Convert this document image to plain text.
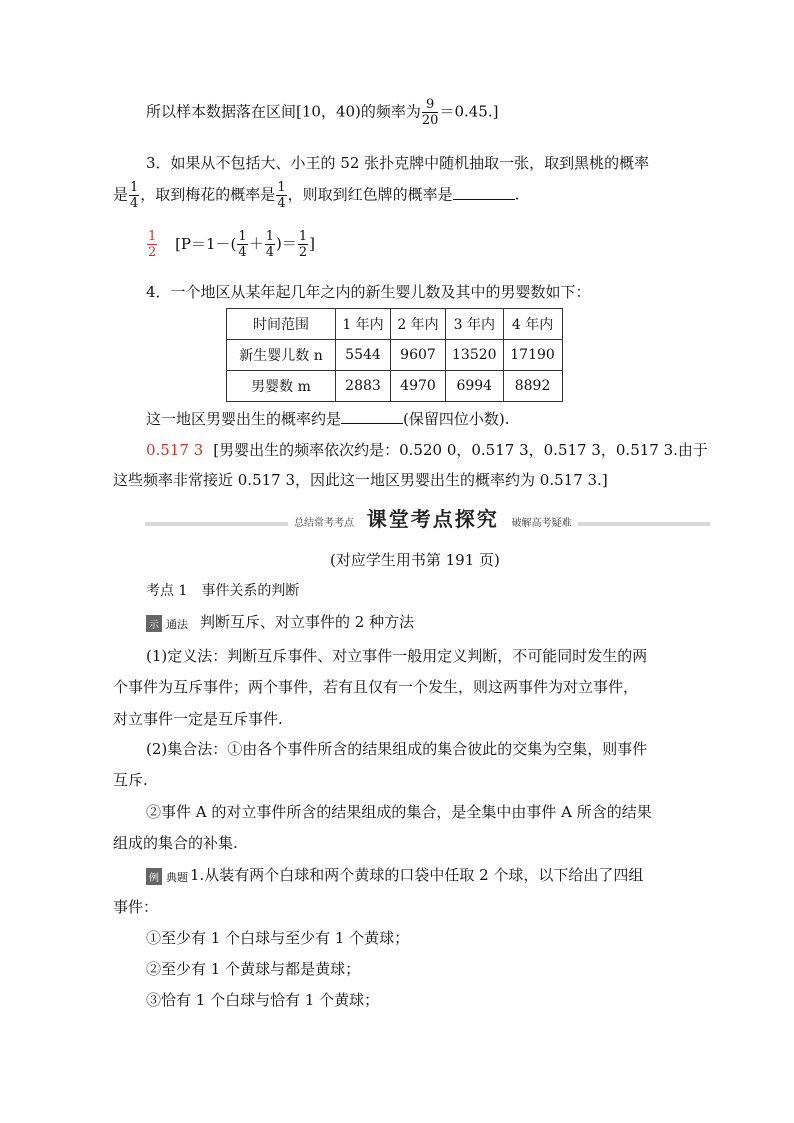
所以样本数据落在区间[10，40)的频率为 $\frac{9}{20} =0.45$.]
3．如果从不包括大、小王的 52 张扑克牌中随机抽取一张，取到黑桃的概率
是 $\frac{1}{4}$ ，取到梅花的概率是 $\frac{1}{4}$ ，则取到红色牌的概率是	.
$\frac{1}{2} [P=1-( \frac{1}{4} + \frac{1}{4}$ )＝ $\frac{1}{2}$ ]
4．一个地区从某年起几年之内的新生婴儿数及其中的男婴数如下：
时间范围	1 年内	2 年内	3 年内	4 年内
新生婴儿数 n	5544	9607	13520	17190
男婴数 m	2883	4970	6994	8892
这一地区男婴出生的概率约是	(保留四位小数).
0.517 3 [男婴出生的频率依次约是：0.520 0，0.517 3，0.517 3，0.517 3.由于
这些频率非常接近 0.517 3，因此这一地区男婴出生的概率约为 0.517 3.]
总结常考考点 课堂考点探究 破解高考疑难
(对应学生用书第 191 页)
考点 1　事件关系的判断
示 通法 判断互斥、对立事件的 2 种方法
(1)定义法：判断互斥事件、对立事件一般用定义判断，不可能同时发生的两
个事件为互斥事件；两个事件，若有且仅有一个发生，则这两事件为对立事件，
对立事件一定是互斥事件.
(2)集合法：①由各个事件所含的结果组成的集合彼此的交集为空集，则事件
互斥.
②事件 A 的对立事件所含的结果组成的集合，是全集中由事件 A 所含的结果
组成的集合的补集.
例 典题 1.从装有两个白球和两个黄球的口袋中任取 2 个球，以下给出了四组
事件：
①至少有 1 个白球与至少有 1 个黄球；
②至少有 1 个黄球与都是黄球；
③恰有 1 个白球与恰有 1 个黄球；
